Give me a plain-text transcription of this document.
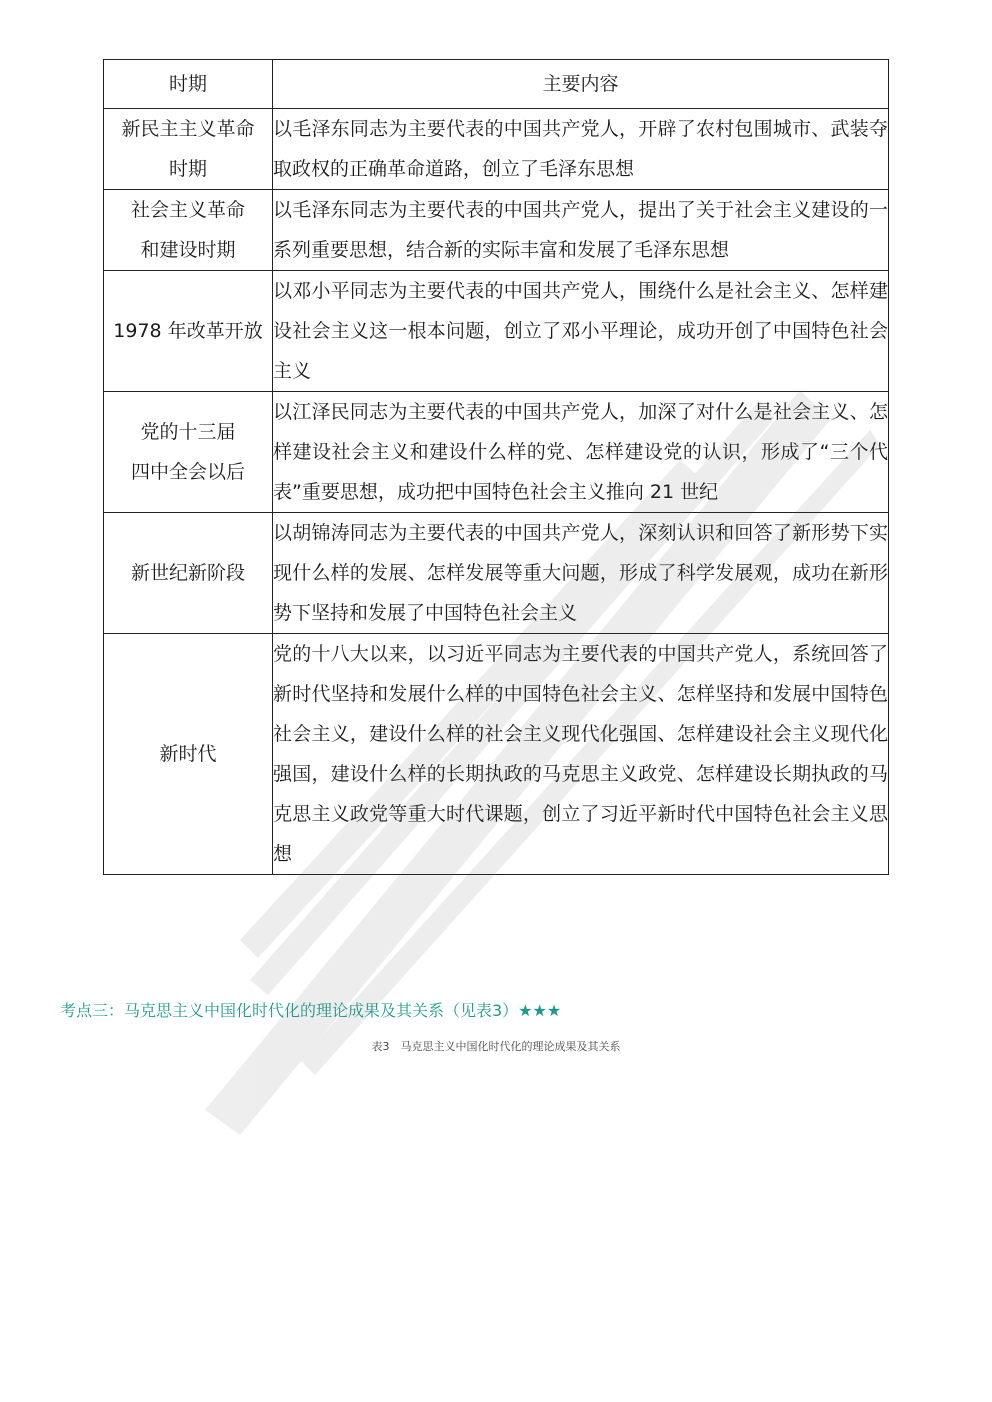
时期	主要内容

新民主主义革命
时期	以毛泽东同志为主要代表的中国共产党人，开辟了农村包围城市、武装夺取政权的正确革命道路，创立了毛泽东思想

社会主义革命
和建设时期	以毛泽东同志为主要代表的中国共产党人，提出了关于社会主义建设的一系列重要思想，结合新的实际丰富和发展了毛泽东思想

1978 年改革开放	以邓小平同志为主要代表的中国共产党人，围绕什么是社会主义、怎样建设社会主义这一根本问题，创立了邓小平理论，成功开创了中国特色社会主义

党的十三届
四中全会以后	以江泽民同志为主要代表的中国共产党人，加深了对什么是社会主义、怎样建设社会主义和建设什么样的党、怎样建设党的认识，形成了“三个代表”重要思想，成功把中国特色社会主义推向 21 世纪

新世纪新阶段	以胡锦涛同志为主要代表的中国共产党人，深刻认识和回答了新形势下实现什么样的发展、怎样发展等重大问题，形成了科学发展观，成功在新形势下坚持和发展了中国特色社会主义

新时代	党的十八大以来，以习近平同志为主要代表的中国共产党人，系统回答了新时代坚持和发展什么样的中国特色社会主义、怎样坚持和发展中国特色社会主义，建设什么样的社会主义现代化强国、怎样建设社会主义现代化强国，建设什么样的长期执政的马克思主义政党、怎样建设长期执政的马克思主义政党等重大时代课题，创立了习近平新时代中国特色社会主义思想
考点三：马克思主义中国化时代化的理论成果及其关系（见表3）★★★
表3　马克思主义中国化时代化的理论成果及其关系
